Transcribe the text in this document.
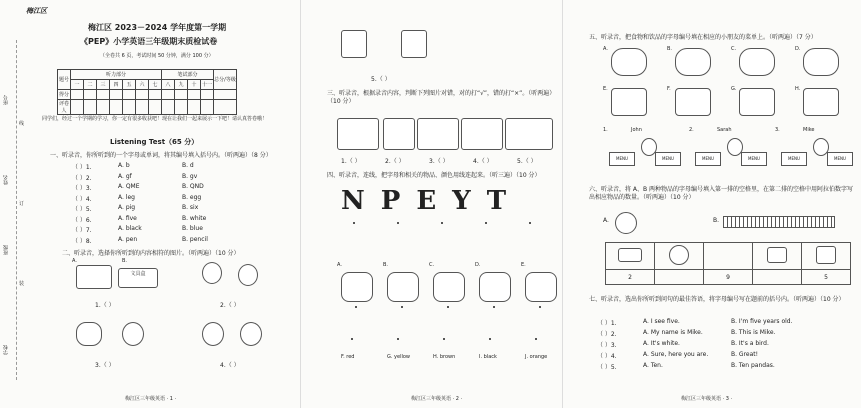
梅江区
梅江区 2023－2024 学年度第一学期
《PEP》小学英语三年级期末质检试卷
（全卷共 6 页，考试时间 50 分钟，满分 100 分）
座号
姓名
班级
学校
线
订
装
题号	听力部分							笔试部分				总分/等级
	一	二	三	四	五	六	七	八	九	十	十一	
得分												
评卷人												
同学们，经过一个学期的学习，你一定有很多收获吧！现在让我们一起来展示一下吧！请认真答卷哦！
Listening Test（65 分）
一、听录音，你所听到的一个字母或单词，将其编号填入括号内。（听两遍）（8 分）
（ ）1.	A. b	B. d
（ ）2.	A. gf	B. gv
（ ）3.	A. QME	B. QND
（ ）4.	A. leg	B. egg
（ ）5.	A. pig	B. six
（ ）6.	A. five	B. white
（ ）7.	A. black	B. blue
（ ）8.	A. pen	B. pencil
二、听录音，选择你所听到的内容相符的图片。（听两遍）（10 分）
A.	B.
文具盒
1.（ ）	2.（ ）
3.（ ）	4.（ ）
梅江区三年级英语 · 1 ·
5.（ ）
三、听录音，根据录音内容，判断下列图片对错，对的打“√”，错的打“×”。（听两遍）（10 分）
1.（ ）	2.（ ）	3.（ ）	4.（ ）	5.（ ）
四、听录音，连线，把字母和相关的物品、颜色用线连起来。（听三遍）（10 分）
NPEYT
A.	B.	C.	D.	E.
F. red	G. yellow	H. brown	I. black	J. orange
梅江区三年级英语 · 2 ·
五、听录音，把食物和饮品的字母编号填在相应的小朋友的菜单上。（听两遍）（7 分）
A.	B.	C.	D.
E.	F.	G.	H.
1.	John
MENU	MENU
2.	Sarah
MENU	MENU
3.	Mike
MENU	MENU
六、听录音，将 A、B 两种物品的字母编号填入第一排的空格里，在第二排的空格中用阿拉伯数字写出相应物品的数量。（听两遍）（10 分）
A.	B.

2		9		5
七、听录音，选出你所听到问句的最佳答语，将字母编号写在题前的括号内。（听两遍）（10 分）
（ ）1.	A. I see five.	B. I'm five years old.
（ ）2.	A. My name is Mike.	B. This is Mike.
（ ）3.	A. It's white.	B. It's a bird.
（ ）4.	A. Sure, here you are.	B. Great!
（ ）5.	A. Ten.	B. Ten pandas.
梅江区三年级英语 · 3 ·
